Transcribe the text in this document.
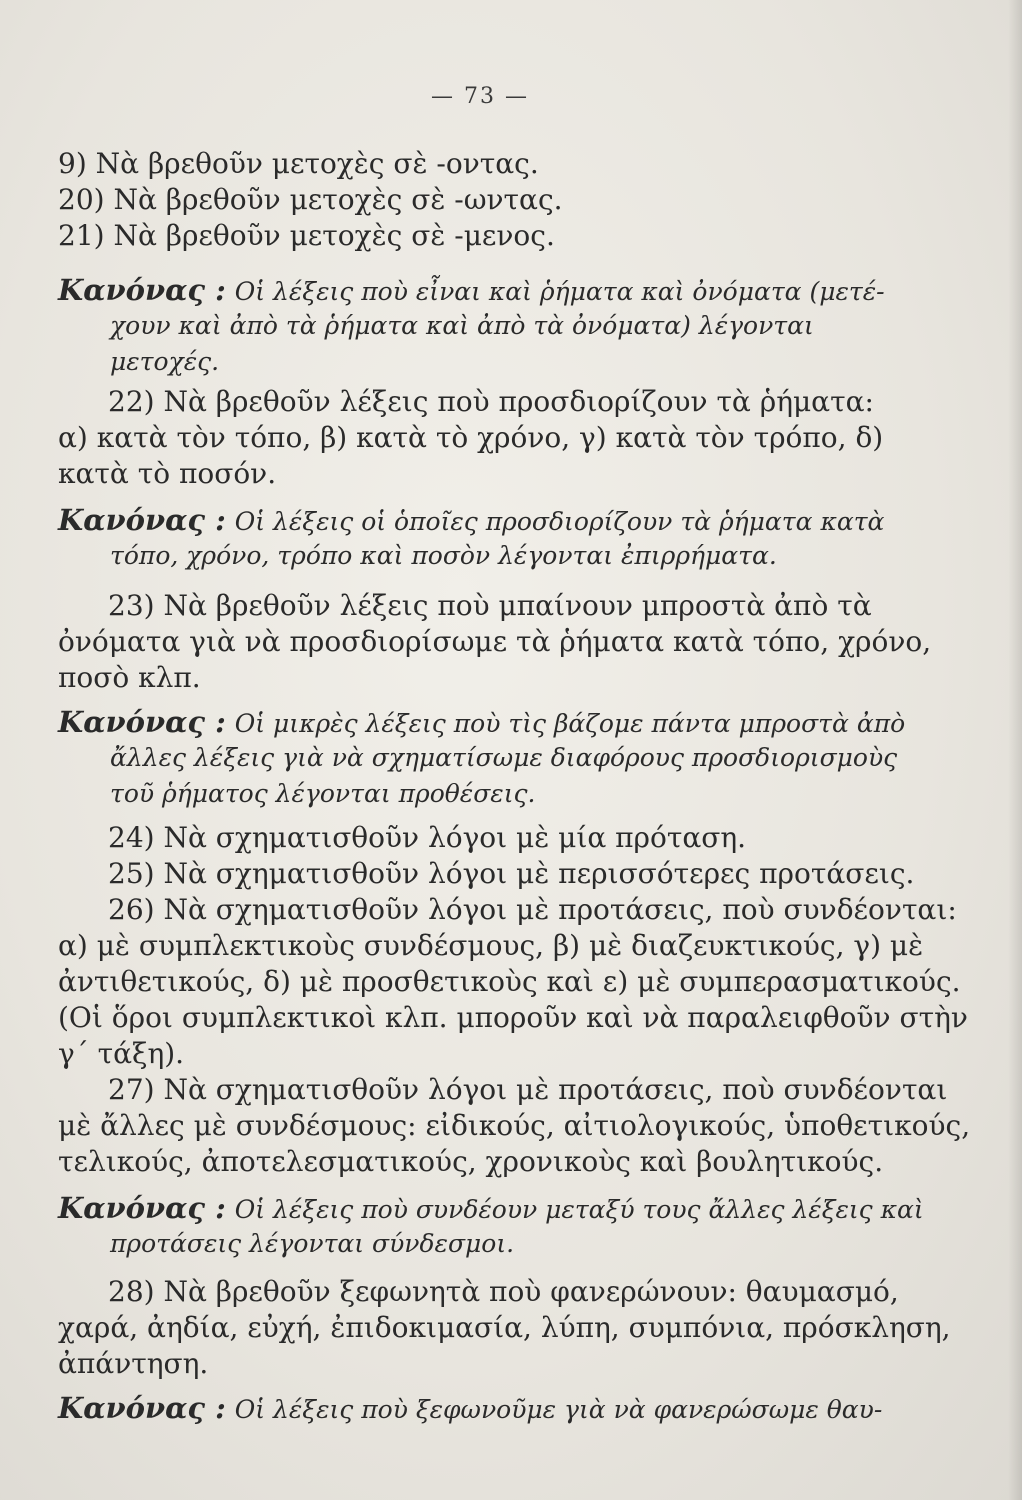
— 73 —
9) Νὰ βρεθοῦν μετοχὲς σὲ -οντας.
20) Νὰ βρεθοῦν μετοχὲς σὲ -ωντας.
21) Νὰ βρεθοῦν μετοχὲς σὲ -μενος.
Κανόνας : Οἱ λέξεις ποὺ εἶναι καὶ ῥήματα καὶ ὀνόματα (μετέ-
χουν καὶ ἀπὸ τὰ ῥήματα καὶ ἀπὸ τὰ ὀνόματα) λέγονται
μετοχές.
22) Νὰ βρεθοῦν λέξεις ποὺ προσδιορίζουν τὰ ῥήματα:
α) κατὰ τὸν τόπο, β) κατὰ τὸ χρόνο, γ) κατὰ τὸν τρόπο, δ)
κατὰ τὸ ποσόν.
Κανόνας : Οἱ λέξεις οἱ ὁποῖες προσδιορίζουν τὰ ῥήματα κατὰ
τόπο, χρόνο, τρόπο καὶ ποσὸν λέγονται ἐπιρρήματα.
23) Νὰ βρεθοῦν λέξεις ποὺ μπαίνουν μπροστὰ ἀπὸ τὰ
ὀνόματα γιὰ νὰ προσδιορίσωμε τὰ ῥήματα κατὰ τόπο, χρόνο,
ποσὸ κλπ.
Κανόνας : Οἱ μικρὲς λέξεις ποὺ τὶς βάζομε πάντα μπροστὰ ἀπὸ
ἄλλες λέξεις γιὰ νὰ σχηματίσωμε διαφόρους προσδιορισμοὺς
τοῦ ῥήματος λέγονται προθέσεις.
24) Νὰ σχηματισθοῦν λόγοι μὲ μία πρόταση.
25) Νὰ σχηματισθοῦν λόγοι μὲ περισσότερες προτάσεις.
26) Νὰ σχηματισθοῦν λόγοι μὲ προτάσεις, ποὺ συνδέονται:
α) μὲ συμπλεκτικοὺς συνδέσμους, β) μὲ διαζευκτικούς, γ) μὲ
ἀντιθετικούς, δ) μὲ προσθετικοὺς καὶ ε) μὲ συμπερασματικούς.
(Οἱ ὅροι συμπλεκτικοὶ κλπ. μποροῦν καὶ νὰ παραλειφθοῦν στὴν
γ΄ τάξη).
27) Νὰ σχηματισθοῦν λόγοι μὲ προτάσεις, ποὺ συνδέονται
μὲ ἄλλες μὲ συνδέσμους: εἰδικούς, αἰτιολογικούς, ὑποθετικούς,
τελικούς, ἀποτελεσματικούς, χρονικοὺς καὶ βουλητικούς.
Κανόνας : Οἱ λέξεις ποὺ συνδέουν μεταξύ τους ἄλλες λέξεις καὶ
προτάσεις λέγονται σύνδεσμοι.
28) Νὰ βρεθοῦν ξεφωνητὰ ποὺ φανερώνουν: θαυμασμό,
χαρά, ἀηδία, εὐχή, ἐπιδοκιμασία, λύπη, συμπόνια, πρόσκληση,
ἀπάντηση.
Κανόνας : Οἱ λέξεις ποὺ ξεφωνοῦμε γιὰ νὰ φανερώσωμε θαυ-
